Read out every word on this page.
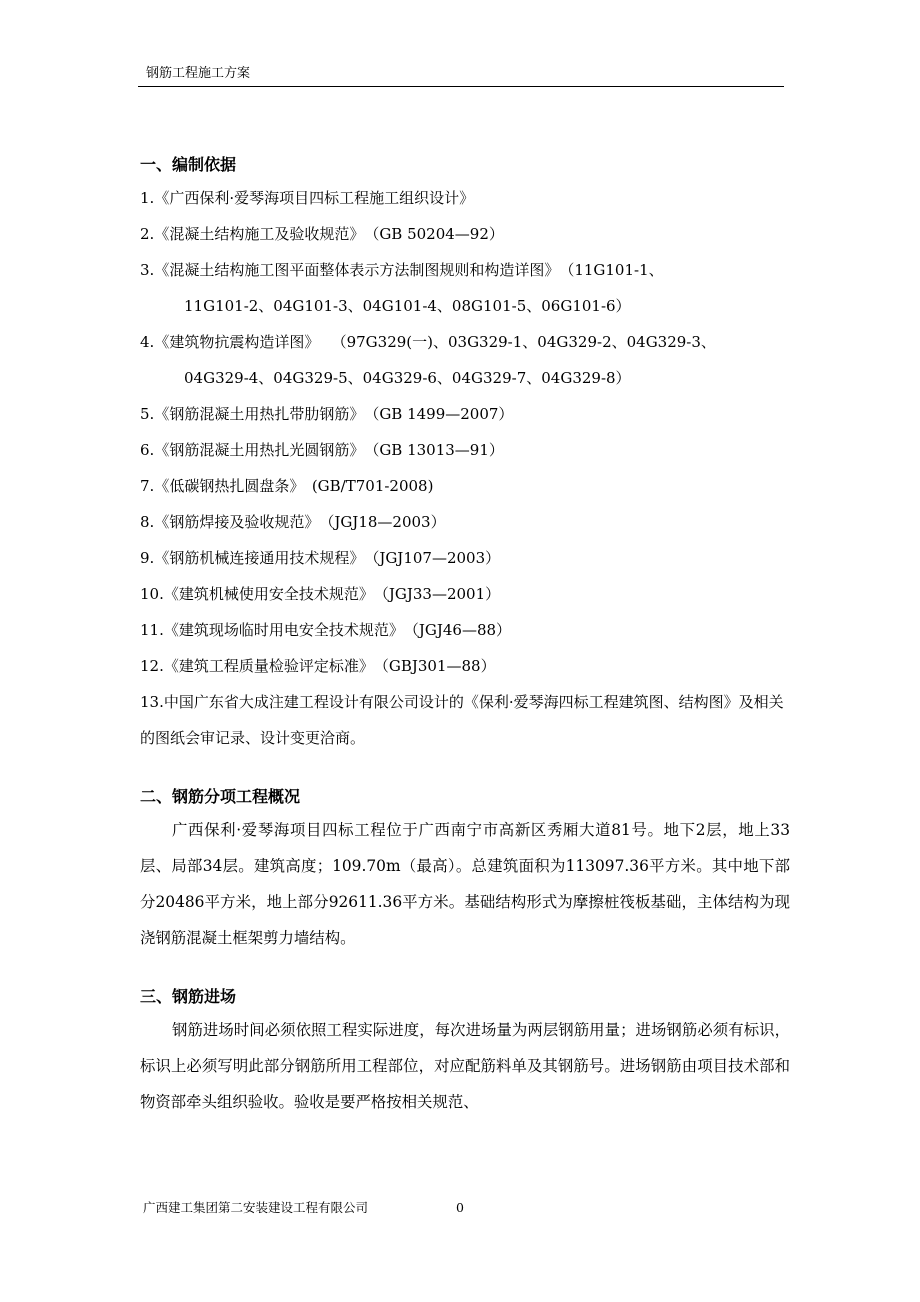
钢筋工程施工方案
一、编制依据
1.《广西保利·爱琴海项目四标工程施工组织设计》
2.《混凝土结构施工及验收规范》　（GB 50204—92）
3.《混凝土结构施工图平面整体表示方法制图规则和构造详图》　（11G101-1、
11G101-2、04G101-3、04G101-4、08G101-5、06G101-6）
4.《建筑物抗震构造详图》　 （97G329(一)、03G329-1、04G329-2、04G329-3、
04G329-4、04G329-5、04G329-6、04G329-7、04G329-8）
5.《钢筋混凝土用热扎带肋钢筋》　（GB 1499—2007）
6.《钢筋混凝土用热扎光圆钢筋》　（GB 13013—91）
7.《低碳钢热扎圆盘条》　(GB/T701-2008)
8.《钢筋焊接及验收规范》　（JGJ18—2003）
9.《钢筋机械连接通用技术规程》　（JGJ107—2003）
10.《建筑机械使用安全技术规范》　（JGJ33—2001）
11.《建筑现场临时用电安全技术规范》　（JGJ46—88）
12.《建筑工程质量检验评定标准》　（GBJ301—88）
13.中国广东省大成注建工程设计有限公司设计的《保利·爱琴海四标工程建筑图、结构图》及相关的图纸会审记录、设计变更洽商。
二、钢筋分项工程概况

广西保利·爱琴海项目四标工程位于广西南宁市高新区秀厢大道81号。地下2层，地上33层、局部34层。建筑高度；109.70m（最高）。总建筑面积为113097.36平方米。其中地下部分20486平方米，地上部分92611.36平方米。基础结构形式为摩擦桩筏板基础，主体结构为现浇钢筋混凝土框架剪力墙结构。

三、钢筋进场

钢筋进场时间必须依照工程实际进度，每次进场量为两层钢筋用量；进场钢筋必须有标识，标识上必须写明此部分钢筋所用工程部位，对应配筋料单及其钢筋号。进场钢筋由项目技术部和物资部牵头组织验收。验收是要严格按相关规范、

广西建工集团第二安装建设工程有限公司	0
